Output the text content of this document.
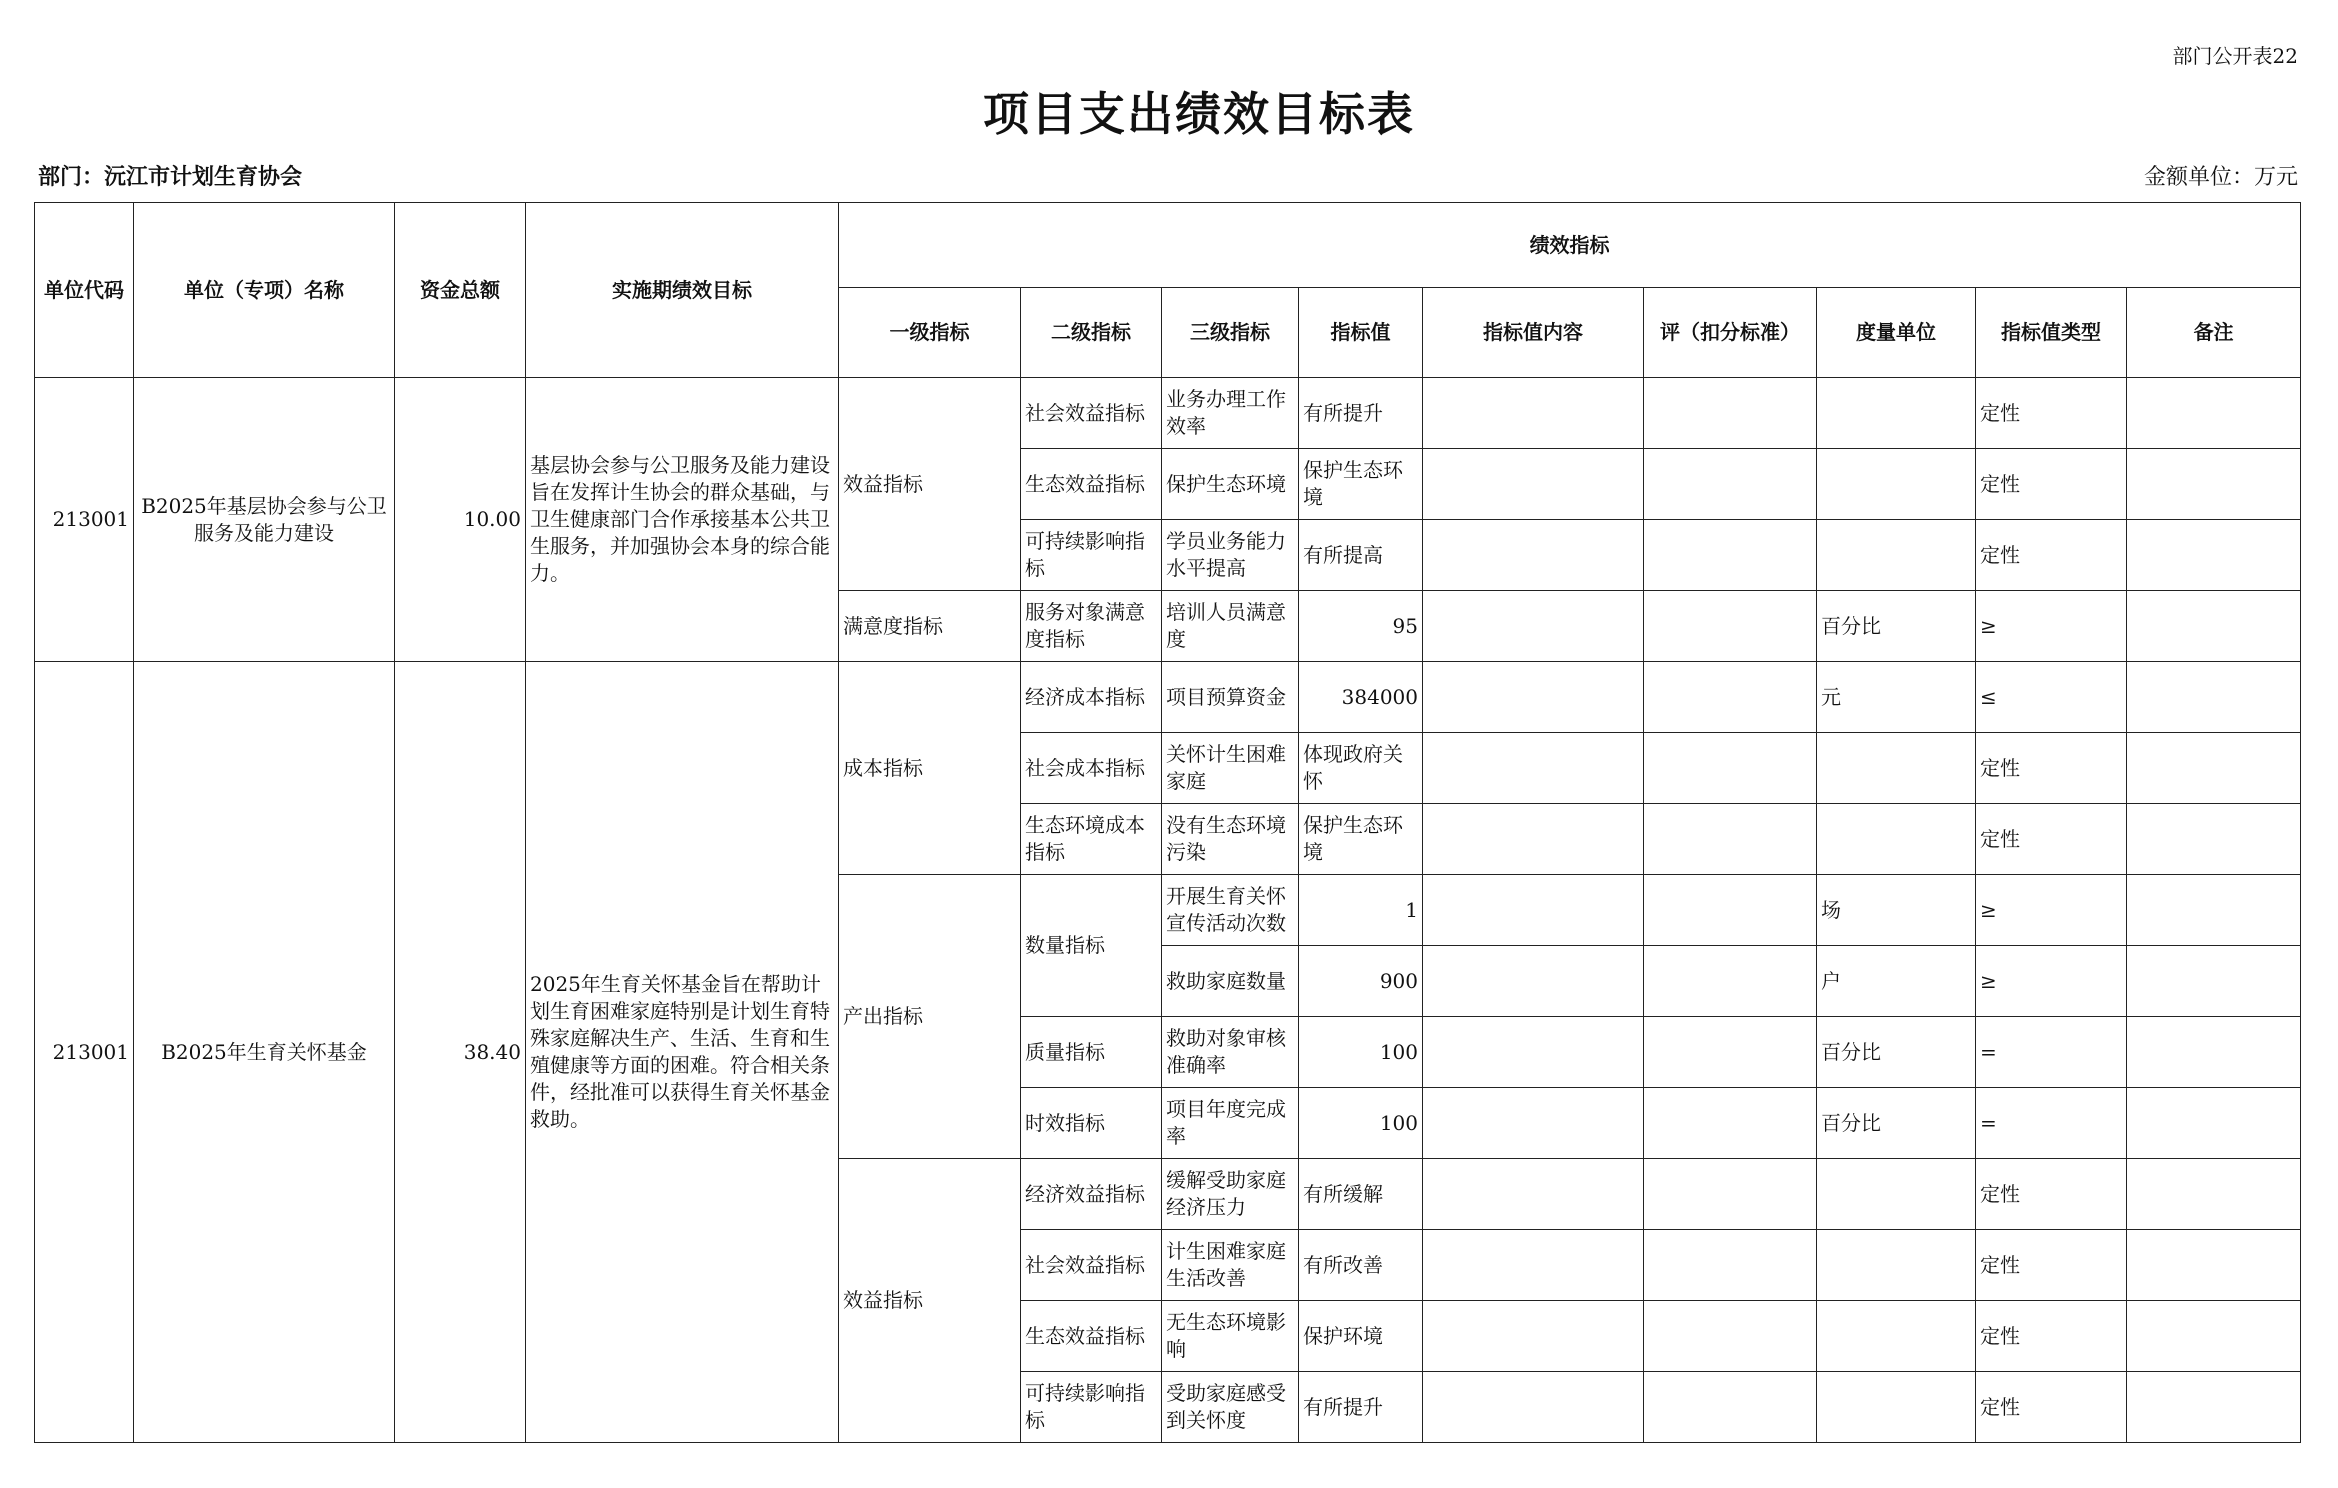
部门公开表22
项目支出绩效目标表
部门：沅江市计划生育协会	金额单位：万元
单位代码	单位（专项）名称	资金总额	实施期绩效目标	绩效指标								
				一级指标	二级指标	三级指标	指标值	指标值内容	评（扣分标准）	度量单位	指标值类型	备注
213001	B2025年基层协会参与公卫服务及能力建设	10.00	基层协会参与公卫服务及能力建设旨在发挥计生协会的群众基础，与卫生健康部门合作承接基本公共卫生服务，并加强协会本身的综合能力。	效益指标	社会效益指标	业务办理工作效率	有所提升				定性	
					生态效益指标	保护生态环境	保护生态环境				定性	
					可持续影响指标	学员业务能力水平提高	有所提高				定性	
				满意度指标	服务对象满意度指标	培训人员满意度	95			百分比	≥	
213001	B2025年生育关怀基金	38.40	2025年生育关怀基金旨在帮助计划生育困难家庭特别是计划生育特殊家庭解决生产、生活、生育和生殖健康等方面的困难。符合相关条件，经批准可以获得生育关怀基金救助。	成本指标	经济成本指标	项目预算资金	384000			元	≤	
					社会成本指标	关怀计生困难家庭	体现政府关怀				定性	
					生态环境成本指标	没有生态环境污染	保护生态环境				定性	
				产出指标	数量指标	开展生育关怀宣传活动次数	1			场	≥	
						救助家庭数量	900			户	≥	
					质量指标	救助对象审核准确率	100			百分比	=	
					时效指标	项目年度完成率	100			百分比	=	
				效益指标	经济效益指标	缓解受助家庭经济压力	有所缓解				定性	
					社会效益指标	计生困难家庭生活改善	有所改善				定性	
					生态效益指标	无生态环境影响	保护环境				定性	
					可持续影响指标	受助家庭感受到关怀度	有所提升				定性	
